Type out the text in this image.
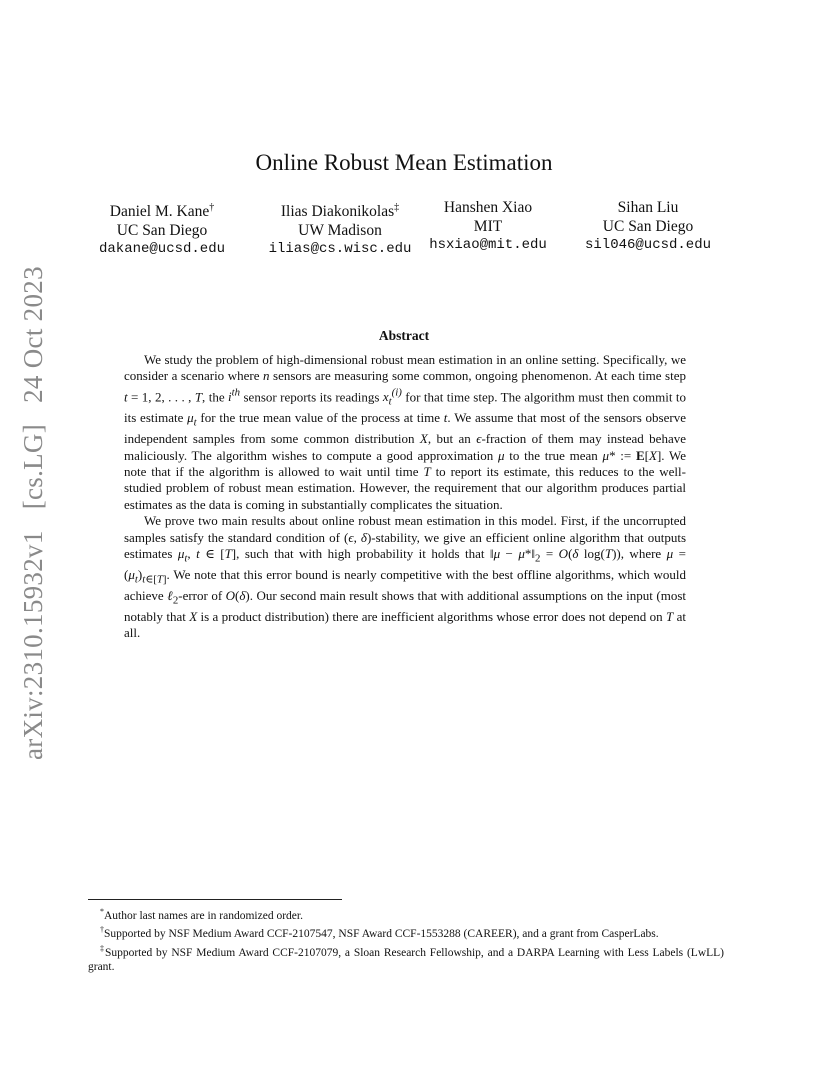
arXiv:2310.15932v1 [cs.LG] 24 Oct 2023
Online Robust Mean Estimation
Daniel M. Kane†
UC San Diego
dakane@ucsd.edu
Ilias Diakonikolas‡
UW Madison
ilias@cs.wisc.edu
Hanshen Xiao
MIT
hsxiao@mit.edu
Sihan Liu
UC San Diego
sil046@ucsd.edu
Abstract

We study the problem of high-dimensional robust mean estimation in an online setting. Specifically, we consider a scenario where n sensors are measuring some common, ongoing phenomenon. At each time step t = 1, 2, . . . , T, the $i^{th}$ sensor reports its readings $x_t^{(i)}$ for that time step. The algorithm must then commit to its estimate $\mu_t$ for the true mean value of the process at time t. We assume that most of the sensors observe independent samples from some common distribution X, but an ϵ-fraction of them may instead behave maliciously. The algorithm wishes to compute a good approximation μ to the true mean μ* := E[X]. We note that if the algorithm is allowed to wait until time T to report its estimate, this reduces to the well-studied problem of robust mean estimation. However, the requirement that our algorithm produces partial estimates as the data is coming in substantially complicates the situation.

We prove two main results about online robust mean estimation in this model. First, if the uncorrupted samples satisfy the standard condition of (ϵ, δ)-stability, we give an efficient online algorithm that outputs estimates $\mu_t$, t ∈ [T], such that with high probability it holds that ‖μ − $\mu*‖_2 = O(\delta$ log(T)), where $\mu = (\mu_t)_{t\in[T]}$. We note that this error bound is nearly competitive with the best offline algorithms, which would achieve ℓ$_2$-error of O(δ). Our second main result shows that with additional assumptions on the input (most notably that X is a product distribution) there are inefficient algorithms whose error does not depend on T at all.

*Author last names are in randomized order.

†Supported by NSF Medium Award CCF-2107547, NSF Award CCF-1553288 (CAREER), and a grant from CasperLabs.

‡Supported by NSF Medium Award CCF-2107079, a Sloan Research Fellowship, and a DARPA Learning with Less Labels (LwLL) grant.
